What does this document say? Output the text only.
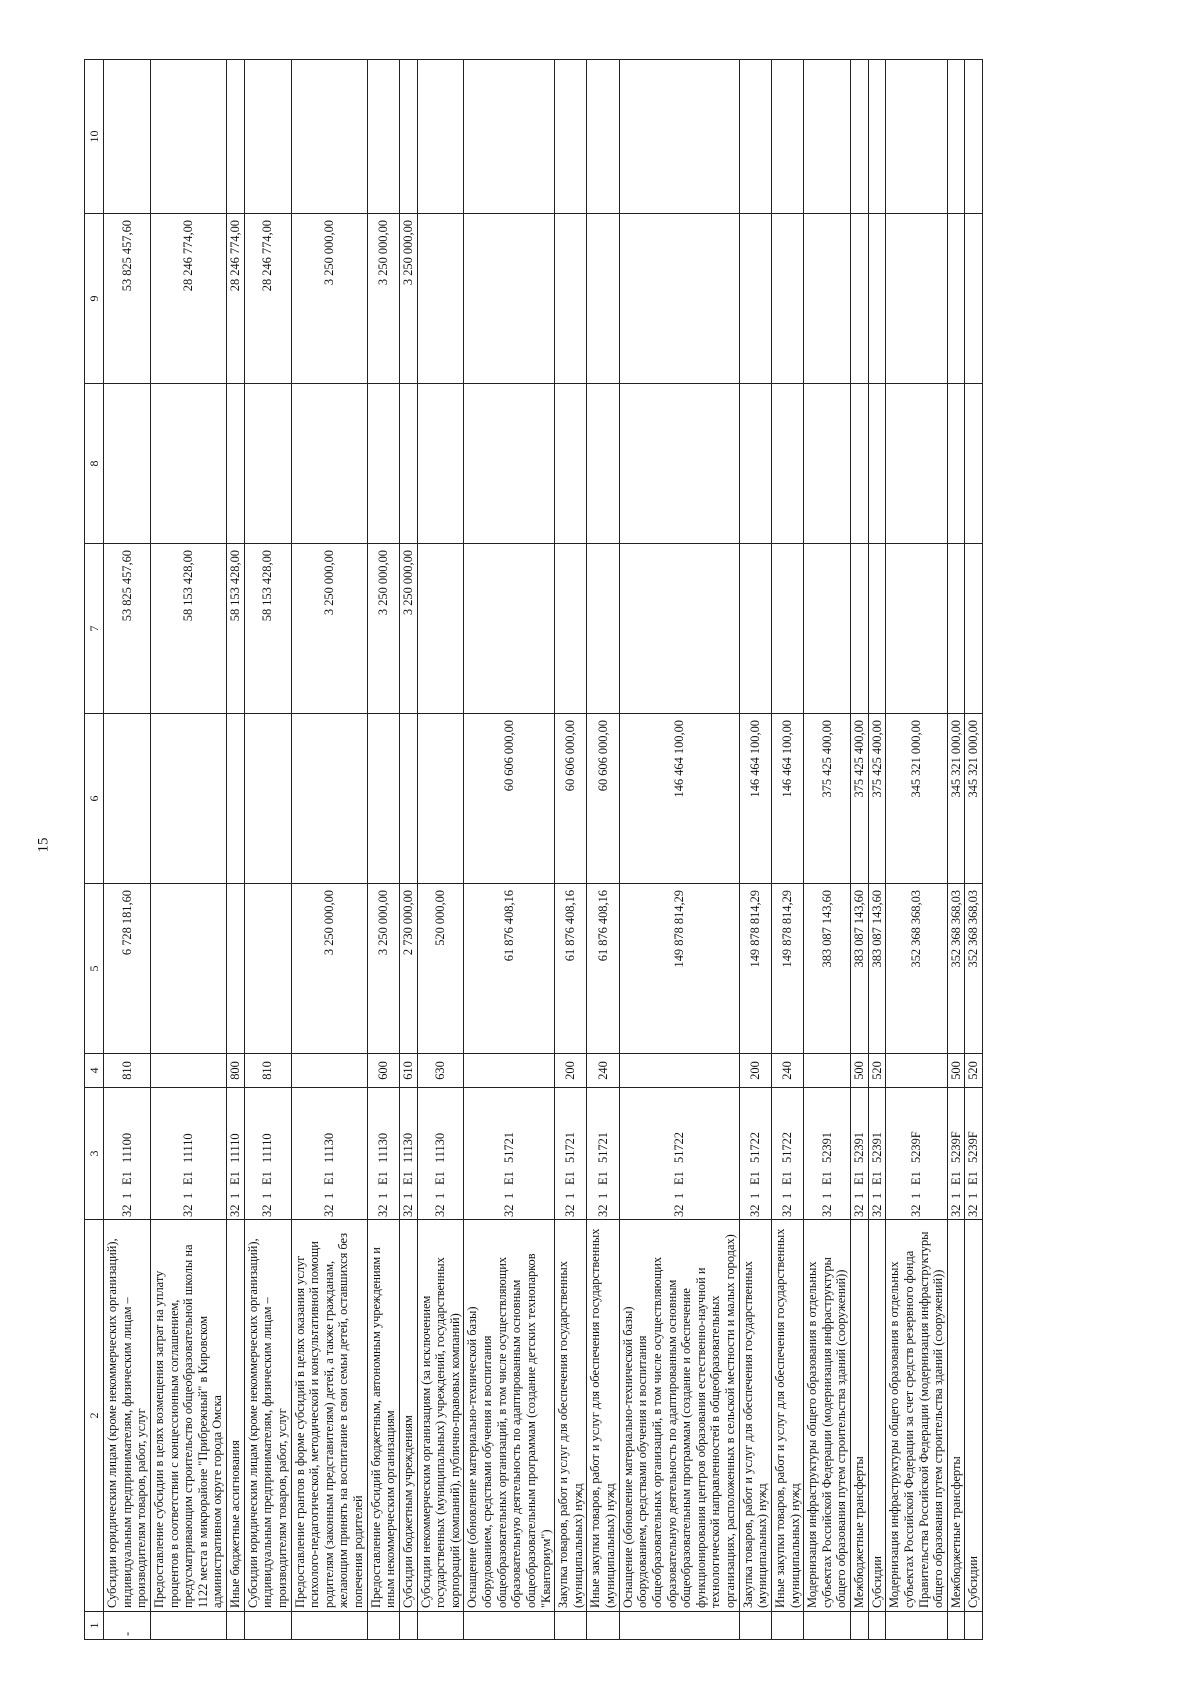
15
1	2	3	4	5	6	7	8	9	10
-	Субсидии юридическим лицам (кроме некоммерческих организаций), индивидуальным предпринимателям, физическим лицам – производителям товаров, работ, услуг	321Е111100	810	6 728 181,60		53 825 457,60		53 825 457,60	
	Предоставление субсидии в целях возмещения затрат на уплату процентов в соответствии с концессионным соглашением, предусматривающим строительство общеобразовательной школы на 1122 места в микрорайоне "Прибрежный" в Кировском административном округе города Омска	321Е111110				58 153 428,00		28 246 774,00	
	Иные бюджетные ассигнования	321Е111110	800			58 153 428,00		28 246 774,00	
	Субсидии юридическим лицам (кроме некоммерческих организаций), индивидуальным предпринимателям, физическим лицам – производителям товаров, работ, услуг	321Е111110	810			58 153 428,00		28 246 774,00	
	Предоставление грантов в форме субсидий в целях оказания услуг психолого-педагогической, методической и консультативной помощи родителям (законным представителям) детей, а также гражданам, желающим принять на воспитание в свои семьи детей, оставшихся без попечения родителей	321Е111130		3 250 000,00		3 250 000,00		3 250 000,00	
	Предоставление субсидий бюджетным, автономным учреждениям и иным некоммерческим организациям	321Е111130	600	3 250 000,00		3 250 000,00		3 250 000,00	
	Субсидии бюджетным учреждениям	321Е111130	610	2 730 000,00		3 250 000,00		3 250 000,00	
	Субсидии некоммерческим организациям (за исключением государственных (муниципальных) учреждений, государственных корпораций (компаний), публично-правовых компаний)	321Е111130	630	520 000,00					
	Оснащение (обновление материально-технической базы) оборудованием, средствами обучения и воспитания общеобразовательных организаций, в том числе осуществляющих образовательную деятельность по адаптированным основным общеобразовательным программам (создание детских технопарков "Кванториум")	321Е151721		61 876 408,16	60 606 000,00				
	Закупка товаров, работ и услуг для обеспечения государственных (муниципальных) нужд	321Е151721	200	61 876 408,16	60 606 000,00				
	Иные закупки товаров, работ и услуг для обеспечения государственных (муниципальных) нужд	321Е151721	240	61 876 408,16	60 606 000,00				
	Оснащение (обновление материально-технической базы) оборудованием, средствами обучения и воспитания общеобразовательных организаций, в том числе осуществляющих образовательную деятельность по адаптированным основным общеобразовательным программам (создание и обеспечение функционирования центров образования естественно-научной и технологической направленностей в общеобразовательных организациях, расположенных в сельской местности и малых городах)	321Е151722		149 878 814,29	146 464 100,00				
	Закупка товаров, работ и услуг для обеспечения государственных (муниципальных) нужд	321Е151722	200	149 878 814,29	146 464 100,00				
	Иные закупки товаров, работ и услуг для обеспечения государственных (муниципальных) нужд	321Е151722	240	149 878 814,29	146 464 100,00				
	Модернизация инфраструктуры общего образования в отдельных субъектах Российской Федерации (модернизация инфраструктуры общего образования путем строительства зданий (сооружений))	321Е152391		383 087 143,60	375 425 400,00				
	Межбюджетные трансферты	321Е152391	500	383 087 143,60	375 425 400,00				
	Субсидии	321Е152391	520	383 087 143,60	375 425 400,00				
	Модернизация инфраструктуры общего образования в отдельных субъектах Российской Федерации за счет средств резервного фонда Правительства Российской Федерации (модернизация инфраструктуры общего образования путем строительства зданий (сооружений))	321Е15239F		352 368 368,03	345 321 000,00				
	Межбюджетные трансферты	321Е15239F	500	352 368 368,03	345 321 000,00				
	Субсидии	321Е15239F	520	352 368 368,03	345 321 000,00				
